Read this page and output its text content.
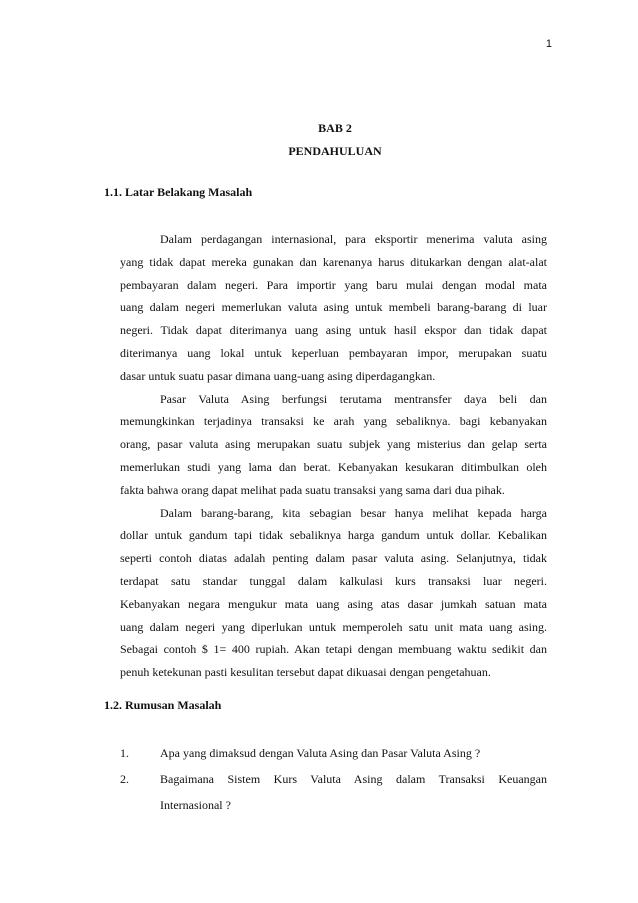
1
BAB 2
PENDAHULUAN
1.1. Latar Belakang Masalah
Dalam perdagangan internasional, para eksportir menerima valuta asing
yang tidak dapat mereka gunakan dan karenanya harus ditukarkan dengan alat-alat
pembayaran dalam negeri. Para importir yang baru mulai dengan modal mata
uang dalam negeri memerlukan valuta asing untuk membeli barang-barang di luar
negeri. Tidak dapat diterimanya uang asing untuk hasil ekspor dan tidak dapat
diterimanya uang lokal untuk keperluan pembayaran impor, merupakan suatu
dasar untuk suatu pasar dimana uang-uang asing diperdagangkan.
Pasar Valuta Asing berfungsi terutama mentransfer daya beli dan
memungkinkan terjadinya transaksi ke arah yang sebaliknya. bagi kebanyakan
orang, pasar valuta asing merupakan suatu subjek yang misterius dan gelap serta
memerlukan studi yang lama dan berat. Kebanyakan kesukaran ditimbulkan oleh
fakta bahwa orang dapat melihat pada suatu transaksi yang sama dari dua pihak.
Dalam barang-barang, kita sebagian besar hanya melihat kepada harga
dollar untuk gandum tapi tidak sebaliknya harga gandum untuk dollar. Kebalikan
seperti contoh diatas adalah penting dalam pasar valuta asing. Selanjutnya, tidak
terdapat satu standar tunggal dalam kalkulasi kurs transaksi luar negeri.
Kebanyakan negara mengukur mata uang asing atas dasar jumkah satuan mata
uang dalam negeri yang diperlukan untuk memperoleh satu unit mata uang asing.
Sebagai contoh $ 1= 400 rupiah. Akan tetapi dengan membuang waktu sedikit dan
penuh ketekunan pasti kesulitan tersebut dapat dikuasai dengan pengetahuan.
1.2. Rumusan Masalah
1.	Apa yang dimaksud dengan Valuta Asing dan Pasar Valuta Asing ?
2.	Bagaimana Sistem Kurs Valuta Asing dalam Transaksi Keuangan
Internasional ?
